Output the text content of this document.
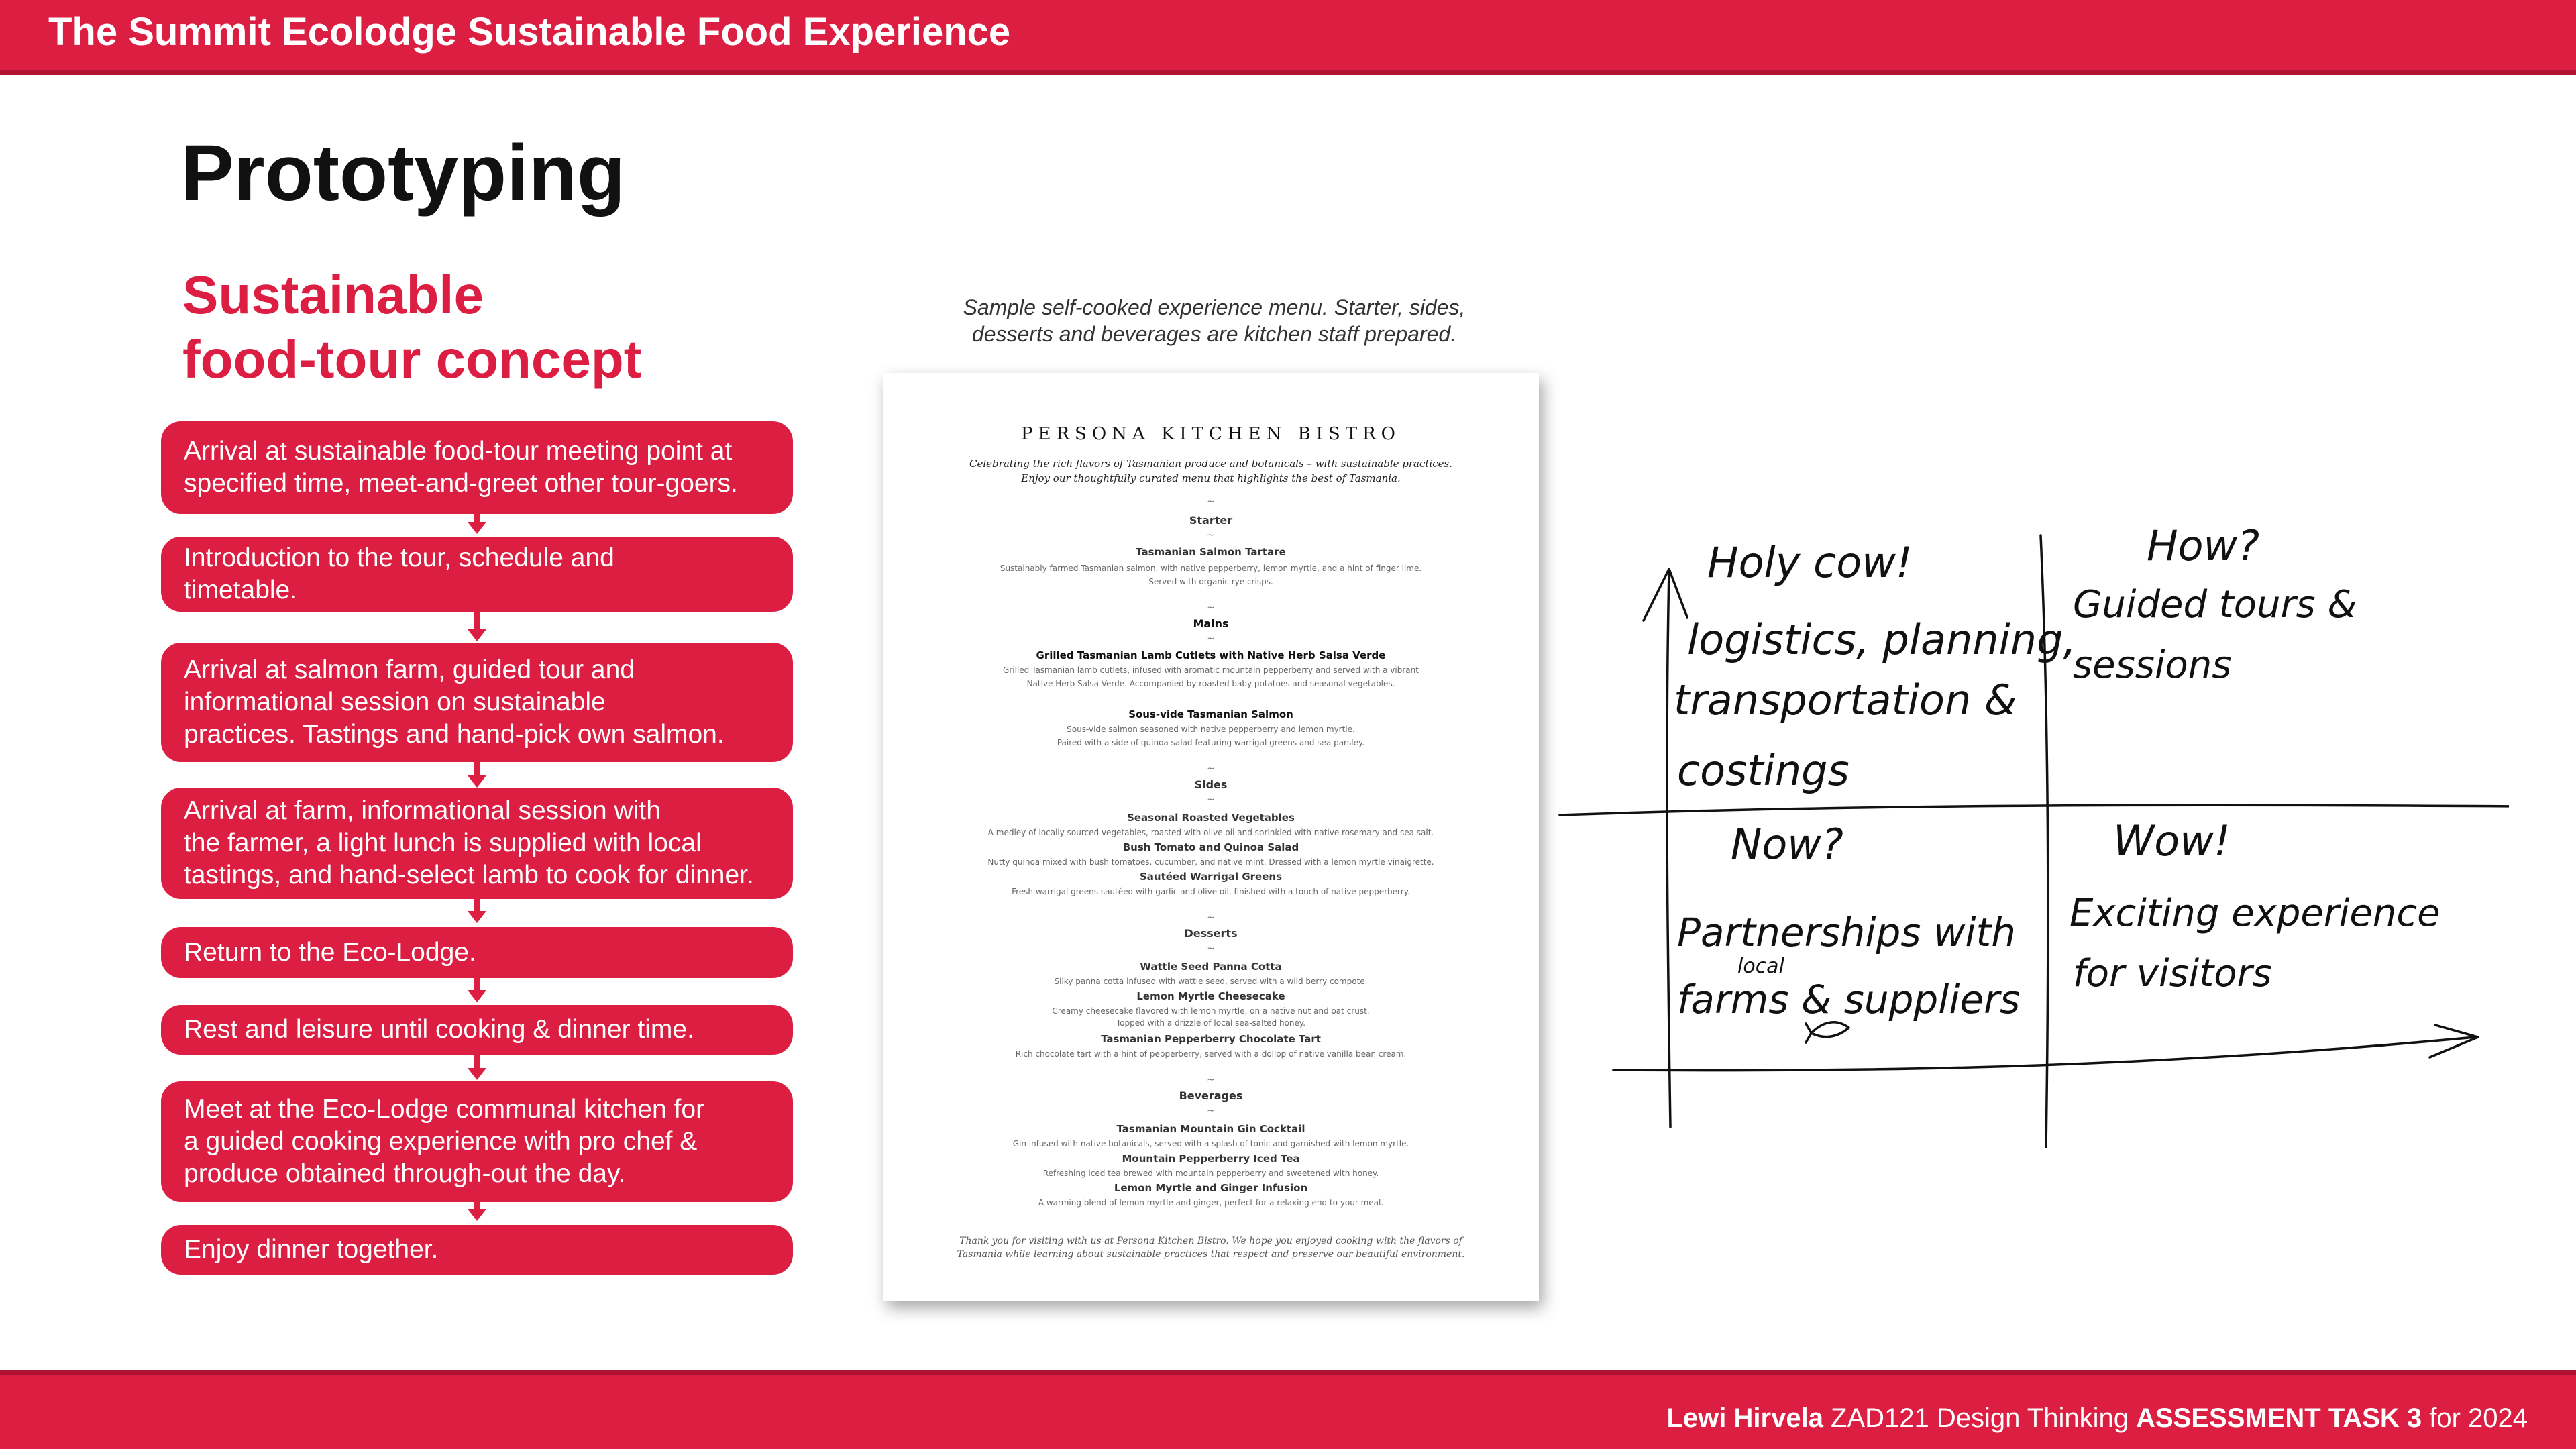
The Summit Ecolodge Sustainable Food Experience
Prototyping
Sustainable
food-tour concept
Arrival at sustainable food-tour meeting point at
specified time, meet-and-greet other tour-goers.
Introduction to the tour, schedule and
timetable.
Arrival at salmon farm, guided tour and
informational session on sustainable
practices. Tastings and hand-pick own salmon.
Arrival at farm, informational session with
the farmer, a light lunch is supplied with local
tastings, and hand-select lamb to cook for dinner.
Return to the Eco-Lodge.
Rest and leisure until cooking & dinner time.
Meet at the Eco-Lodge communal kitchen for
a guided cooking experience with pro chef &
produce obtained through-out the day.
Enjoy dinner together.
Sample self-cooked experience menu. Starter, sides,
desserts and beverages are kitchen staff prepared.
PERSONA KITCHEN BISTRO
Celebrating the rich flavors of Tasmanian produce and botanicals – with sustainable practices.
Enjoy our thoughtfully curated menu that highlights the best of Tasmania.
~
Starter
~
Tasmanian Salmon Tartare
Sustainably farmed Tasmanian salmon, with native pepperberry, lemon myrtle, and a hint of finger lime.
Served with organic rye crisps.
~
Mains
~
Grilled Tasmanian Lamb Cutlets with Native Herb Salsa Verde
Grilled Tasmanian lamb cutlets, infused with aromatic mountain pepperberry and served with a vibrant
Native Herb Salsa Verde. Accompanied by roasted baby potatoes and seasonal vegetables.
Sous-vide Tasmanian Salmon
Sous-vide salmon seasoned with native pepperberry and lemon myrtle.
Paired with a side of quinoa salad featuring warrigal greens and sea parsley.
~
Sides
~
Seasonal Roasted Vegetables
A medley of locally sourced vegetables, roasted with olive oil and sprinkled with native rosemary and sea salt.
Bush Tomato and Quinoa Salad
Nutty quinoa mixed with bush tomatoes, cucumber, and native mint. Dressed with a lemon myrtle vinaigrette.
Sautéed Warrigal Greens
Fresh warrigal greens sautéed with garlic and olive oil, finished with a touch of native pepperberry.
~
Desserts
~
Wattle Seed Panna Cotta
Silky panna cotta infused with wattle seed, served with a wild berry compote.
Lemon Myrtle Cheesecake
Creamy cheesecake flavored with lemon myrtle, on a native nut and oat crust.
Topped with a drizzle of local sea-salted honey.
Tasmanian Pepperberry Chocolate Tart
Rich chocolate tart with a hint of pepperberry, served with a dollop of native vanilla bean cream.
~
Beverages
~
Tasmanian Mountain Gin Cocktail
Gin infused with native botanicals, served with a splash of tonic and garnished with lemon myrtle.
Mountain Pepperberry Iced Tea
Refreshing iced tea brewed with mountain pepperberry and sweetened with honey.
Lemon Myrtle and Ginger Infusion
A warming blend of lemon myrtle and ginger, perfect for a relaxing end to your meal.
Thank you for visiting with us at Persona Kitchen Bistro. We hope you enjoyed cooking with the flavors of
Tasmania while learning about sustainable practices that respect and preserve our beautiful environment.
Holy cow!
logistics, planning,
transportation &
costings
How?
Guided tours &
sessions
Now?
Partnerships with
local
farms & suppliers
Wow!
Exciting experience
for visitors
Lewi Hirvela ZAD121 Design Thinking ASSESSMENT TASK 3 for 2024
